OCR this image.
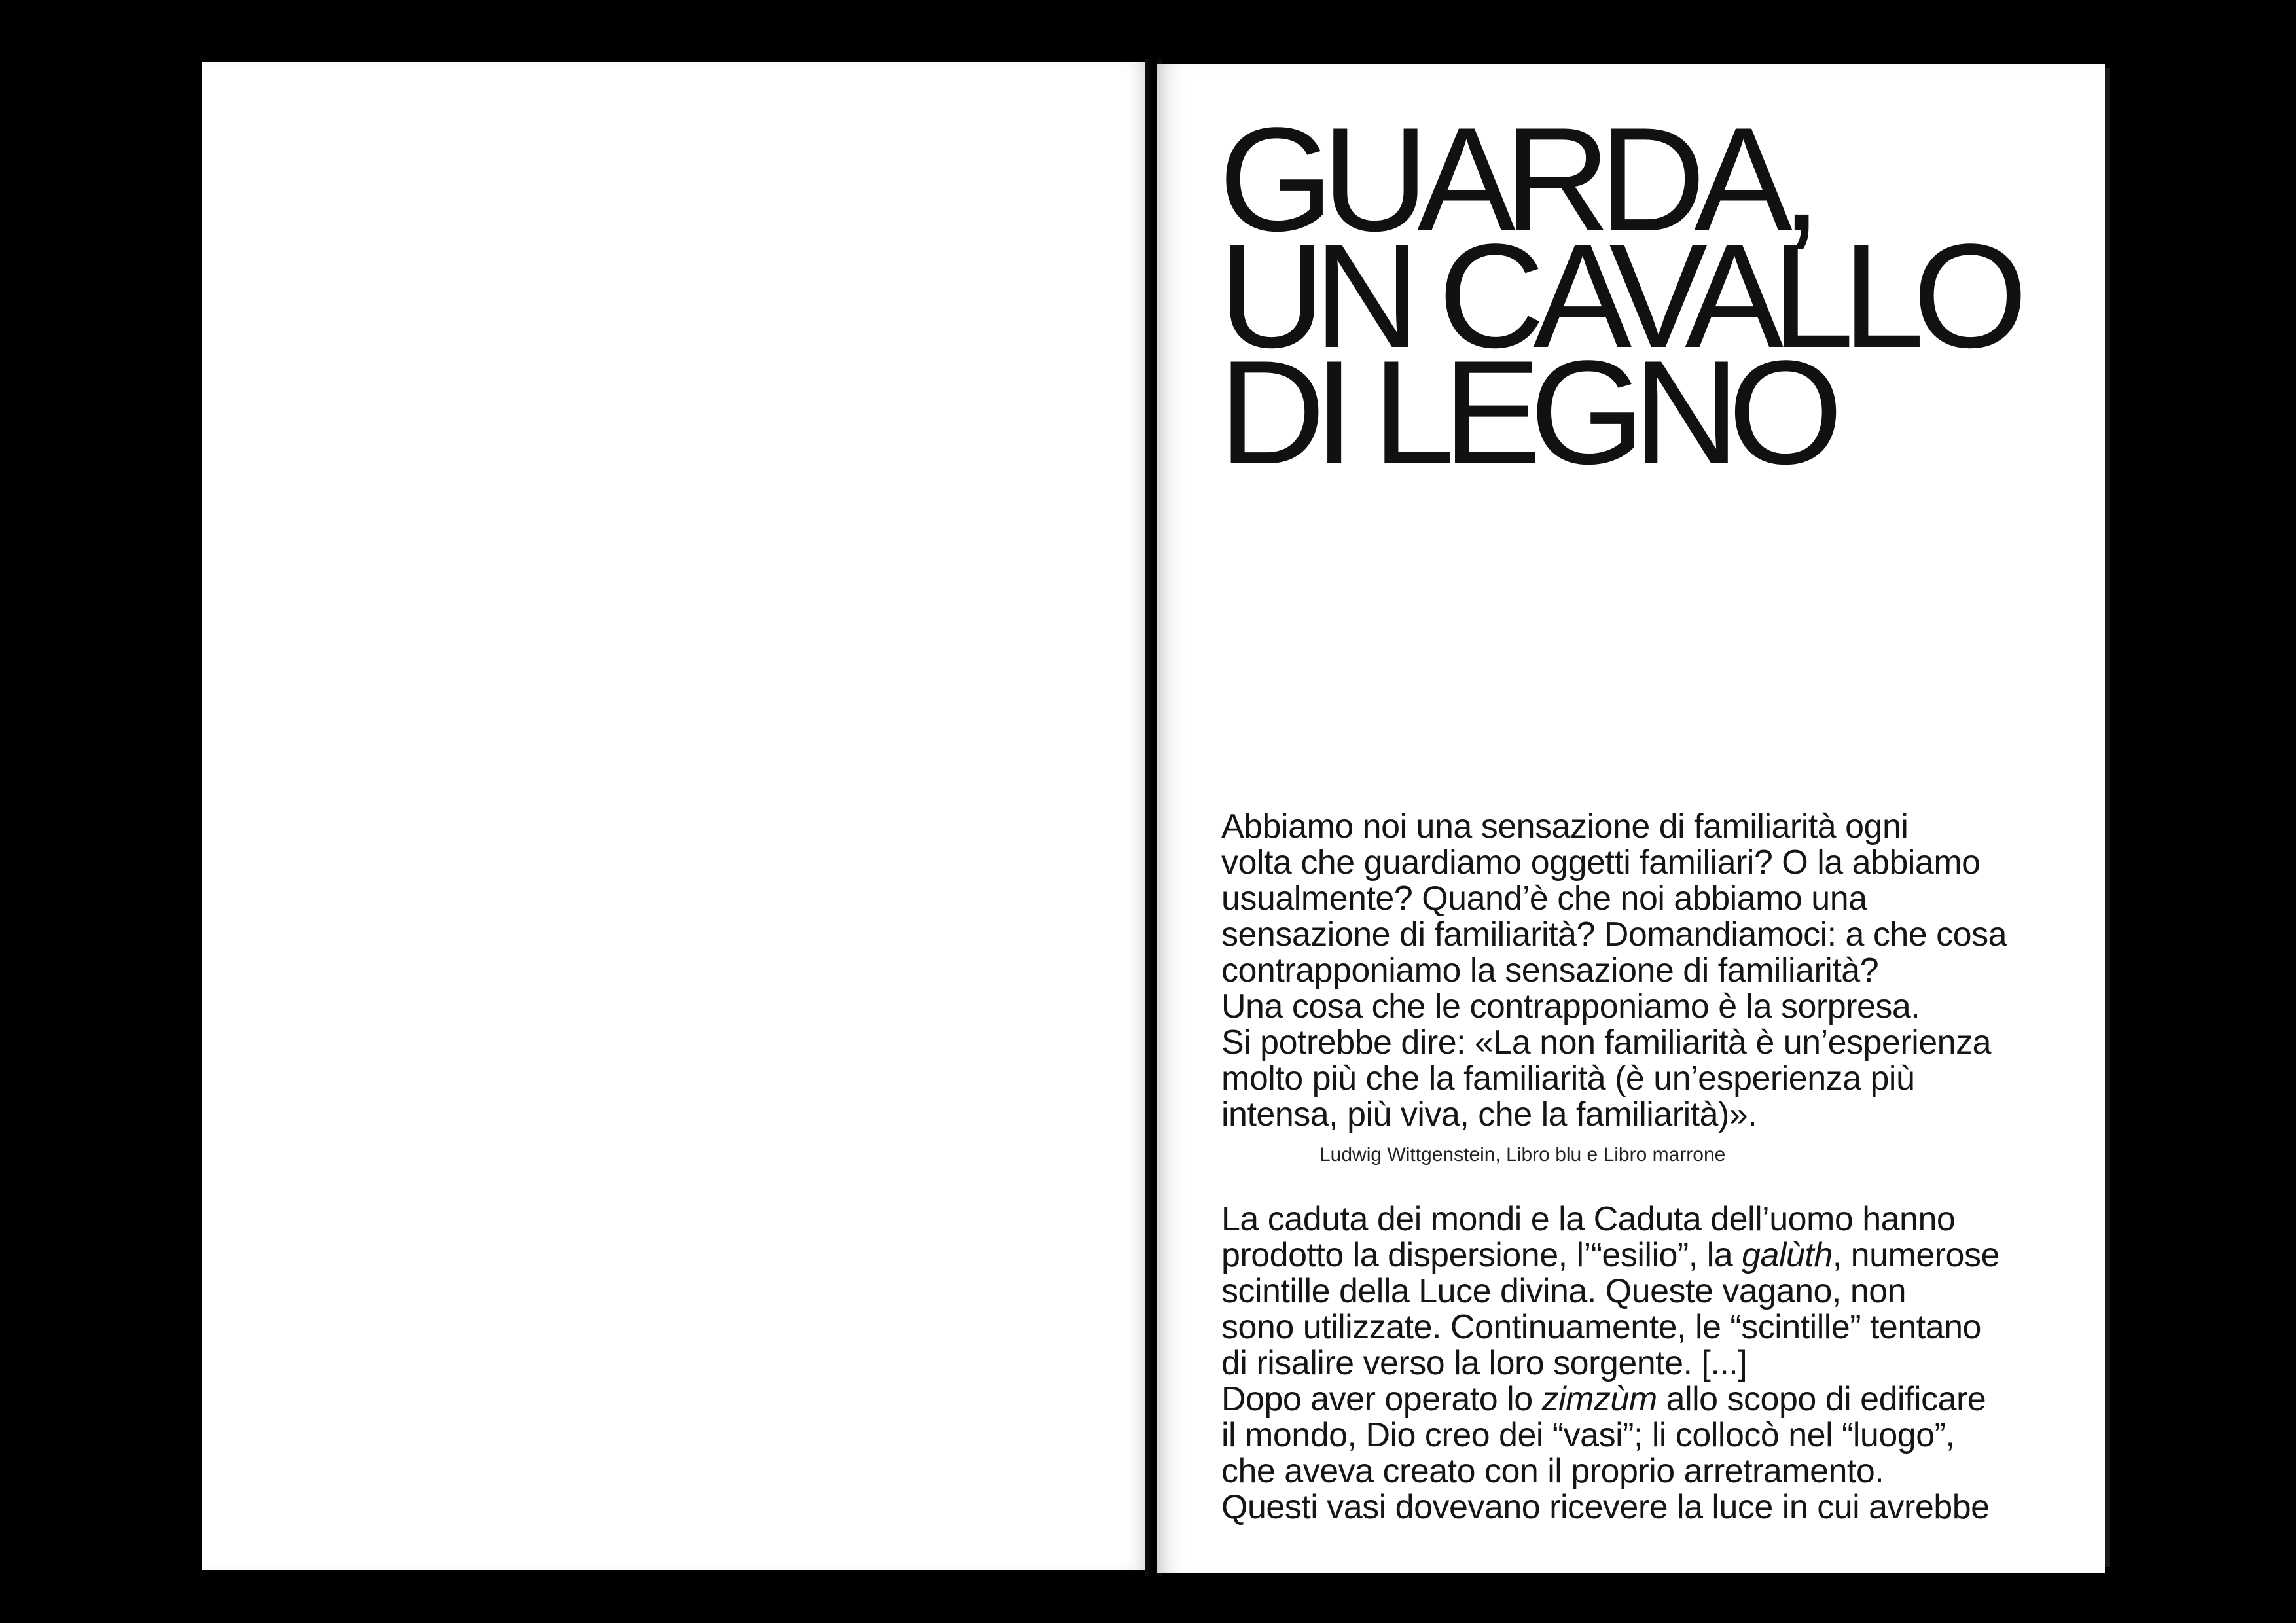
GUARDA,
UN CAVALLO
DI LEGNO
Abbiamo noi una sensazione di familiarità ogni
volta che guardiamo oggetti familiari? O la abbiamo
usualmente? Quand’è che noi abbiamo una
sensazione di familiarità? Domandiamoci: a che cosa
contrapponiamo la sensazione di familiarità?
Una cosa che le contrapponiamo è la sorpresa.
Si potrebbe dire: «La non familiarità è un’esperienza
molto più che la familiarità (è un’esperienza più
intensa, più viva, che la familiarità)».
Ludwig Wittgenstein, Libro blu e Libro marrone
La caduta dei mondi e la Caduta dell’uomo hanno
prodotto la dispersione, l’“esilio”, la galùth, numerose
scintille della Luce divina. Queste vagano, non
sono utilizzate. Continuamente, le “scintille” tentano
di risalire verso la loro sorgente. [...]
Dopo aver operato lo zimzùm allo scopo di edificare
il mondo, Dio creo dei “vasi”; li collocò nel “luogo”,
che aveva creato con il proprio arretramento.
Questi vasi dovevano ricevere la luce in cui avrebbe
